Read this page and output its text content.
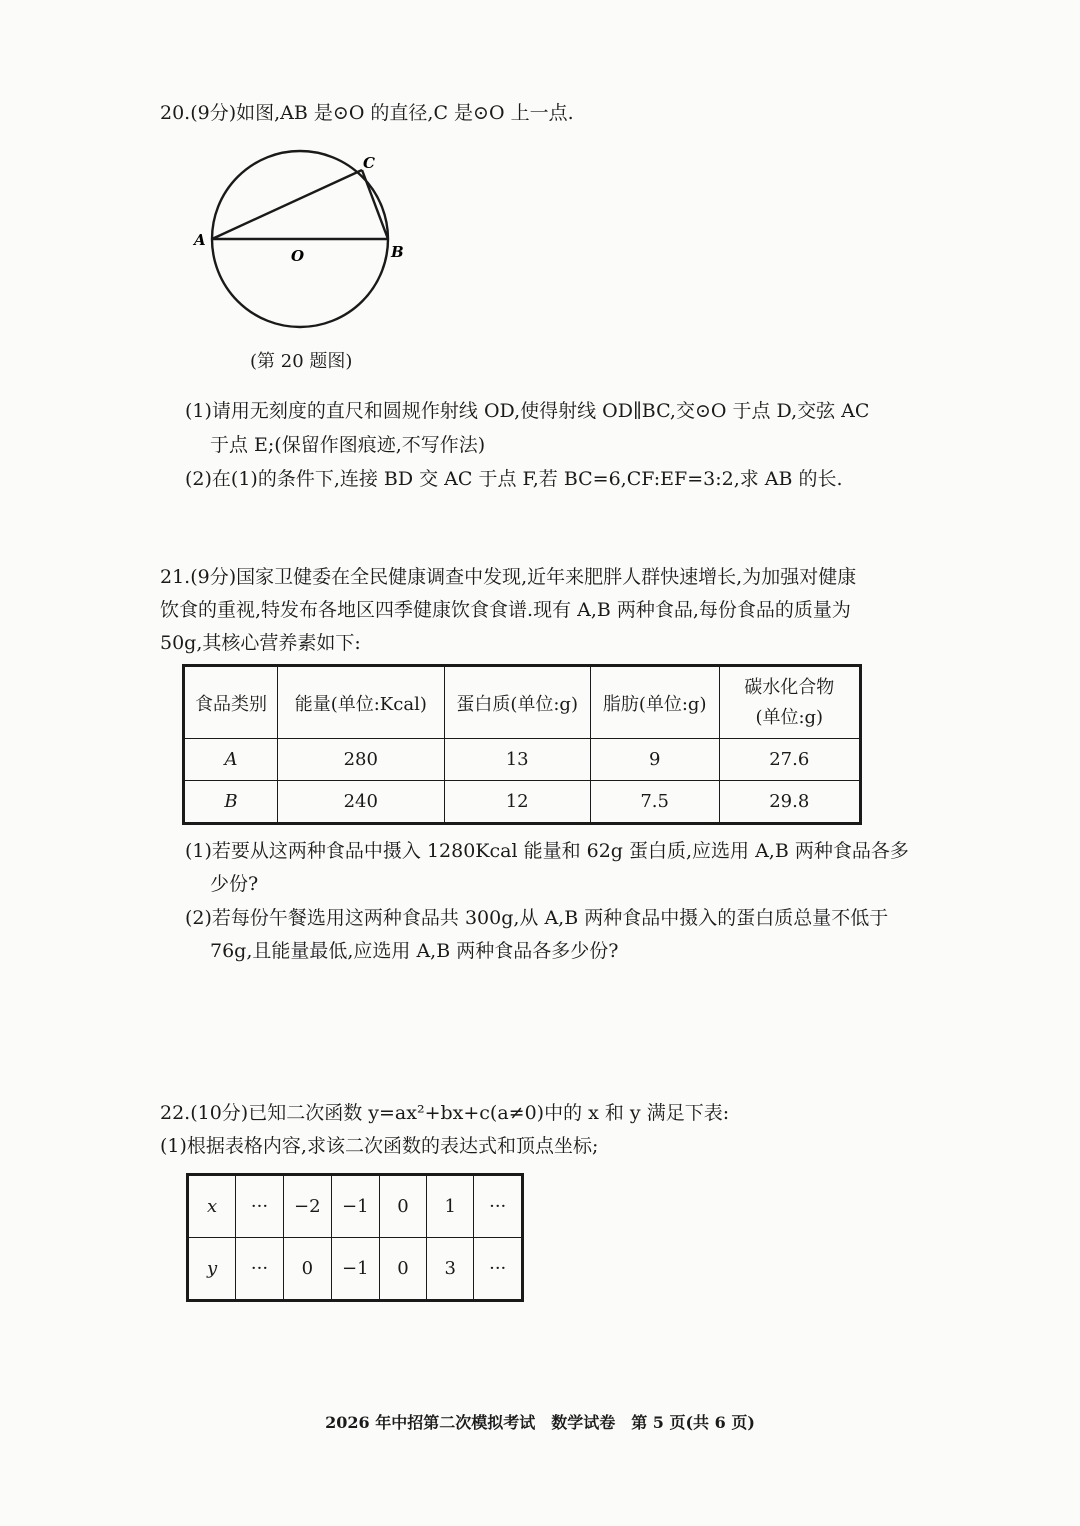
20.(9分)如图,AB 是⊙O 的直径,C 是⊙O 上一点.
A
B
C
O
(第 20 题图)
(1)请用无刻度的直尺和圆规作射线 OD,使得射线 OD∥BC,交⊙O 于点 D,交弦 AC
于点 E;(保留作图痕迹,不写作法)
(2)在(1)的条件下,连接 BD 交 AC 于点 F,若 BC=6,CF:EF=3:2,求 AB 的长.
21.(9分)国家卫健委在全民健康调查中发现,近年来肥胖人群快速增长,为加强对健康
饮食的重视,特发布各地区四季健康饮食食谱.现有 A,B 两种食品,每份食品的质量为
50g,其核心营养素如下:
食品类别	能量(单位:Kcal)	蛋白质(单位:g)	脂肪(单位:g)	碳水化合物
(单位:g)

A	280	13	9	27.6
B	240	12	7.5	29.8
(1)若要从这两种食品中摄入 1280Kcal 能量和 62g 蛋白质,应选用 A,B 两种食品各多
少份?
(2)若每份午餐选用这两种食品共 300g,从 A,B 两种食品中摄入的蛋白质总量不低于
76g,且能量最低,应选用 A,B 两种食品各多少份?
22.(10分)已知二次函数 y=ax²+bx+c(a≠0)中的 x 和 y 满足下表:
(1)根据表格内容,求该二次函数的表达式和顶点坐标;
x	···	−2	−1	0	1	···
y	···	0	−1	0	3	···
2026 年中招第二次模拟考试　数学试卷　第 5 页(共 6 页)
